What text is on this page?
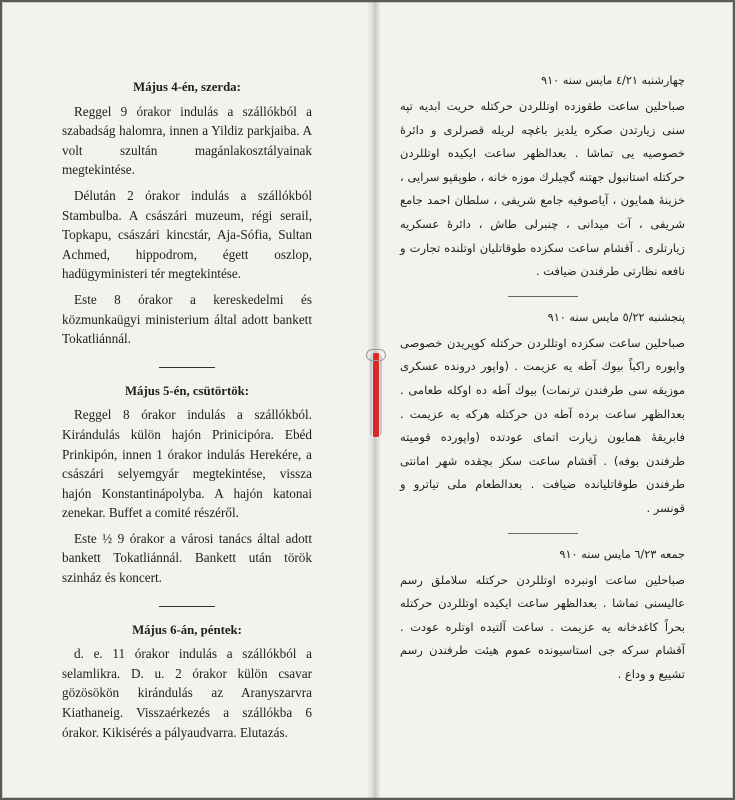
Május 4-én, szerda:

Reggel 9 órakor indulás a szállókból a szabadság halomra, innen a Yildiz parkjaiba. A volt szultán magánlakosztályainak megtekintése.

Délután 2 órakor indulás a szállókból Stambulba. A császári muzeum, régi serail, Topkapu, császári kincstár, Aja-Sófia, Sultan Achmed, hippodrom, égett oszlop, hadügyministeri tér megtekintése.

Este 8 órakor a kereskedelmi és közmunkaügyi ministerium által adott bankett Tokatliánnál.

Május 5-én, csütörtök:

Reggel 8 órakor indulás a szállókból. Kirándulás külön hajón Prinicipóra. Ebéd Prinkipón, innen 1 órakor indulás Herekére, a császári selyemgyár megtekintése, vissza hajón Konstantinápolyba. A hajón katonai zenekar. Buffet a comité részéről.

Este ½ 9 órakor a városi tanács által adott bankett Tokatliánnál. Bankett után török szinház és koncert.

Május 6-án, péntek:

d. e. 11 órakor indulás a szállókból a selamlikra. D. u. 2 órakor külön csavar gözösökön kirándulás az Aranyszarvra Kiathaneig. Visszaérkezés a szállókba 6 órakor. Kikisérés a pályaudvarra. Elutazás.

چهارشنبه ٤/٢١ مايس سنه ٩١٠

صباحلين ساعت طقوزده اوتللردن حركتله حريت ابديه تپه سنى زيارتدن صكره يلديز باغچه لريله قصرلرى و دائرهٔ خصوصيه يى تماشا . بعدالظهر ساعت ايكيده اوتللردن حركتله استانبول جهتنه گچيلرك موزه خانه ، طوپقپو سرايى ، خزينهٔ همايون ، آياصوفيه جامع شريفى ، سلطان احمد جامع شريفى ، آت ميدانى ، چنبرلى طاش ، دائرهٔ عسكريه زيارتلرى . آقشام ساعت سكزده طوقاتليان اوتلنده تجارت و نافعه نظارتى طرفندن ضيافت .

پنجشنبه ٥/٢٢ مايس سنه ٩١٠

صباحلين ساعت سكزده اوتللردن حركتله كوپريدن خصوصى واپوره راكباً بيوك آطه يه عزيمت . (واپور درونده عسكرى موزيقه سى طرفندن ترنمات) بيوك آطه ده اوكله طعامى . بعدالظهر ساعت برده آطه دن حركتله هركه يه عزيمت . فابريقهٔ همايون زيارت اتماى عودتده (واپورده قوميته طرفندن بوفه) . آقشام ساعت سكز بچقده شهر امانتى طرفندن طوقاتليانده ضيافت . بعدالطعام ملى تياترو و قونسر .

جمعه ٦/٢٣ مايس سنه ٩١٠

صباحلين ساعت اونبرده اوتللردن حركتله سلاملق رسم عاليسنى تماشا . بعدالظهر ساعت ايكيده اوتللردن حركتله بحراً كاغدخانه يه عزيمت . ساعت آلتيده اوتلره عودت . آقشام سركه جى استاسيونده عموم هيئت طرفندن رسم تشييع و وداع .
